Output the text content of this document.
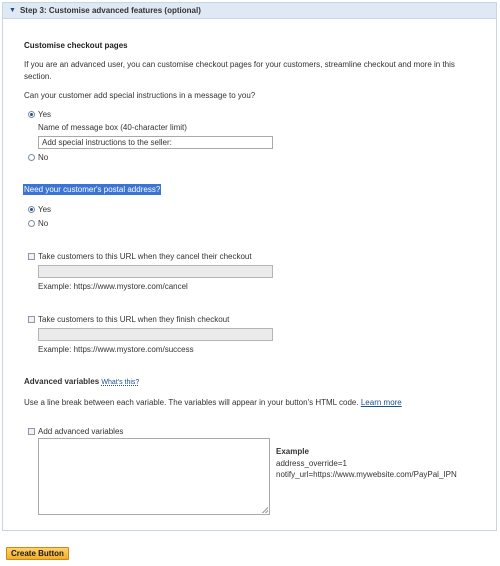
▼ Step 3: Customise advanced features (optional)
Customise checkout pages
If you are an advanced user, you can customise checkout pages for your customers, streamline checkout and more in this
section.
Can your customer add special instructions in a message to you?
Yes
Name of message box (40-character limit)
Add special instructions to the seller:
No
Need your customer's postal address?
Yes
No
Take customers to this URL when they cancel their checkout
Example: https://www.mystore.com/cancel
Take customers to this URL when they finish checkout
Example: https://www.mystore.com/success
Advanced variables What's this?
Use a line break between each variable. The variables will appear in your button's HTML code. Learn more
Add advanced variables
Example
address_override=1
notify_url=https://www.mywebsite.com/PayPal_IPN
Create Button
